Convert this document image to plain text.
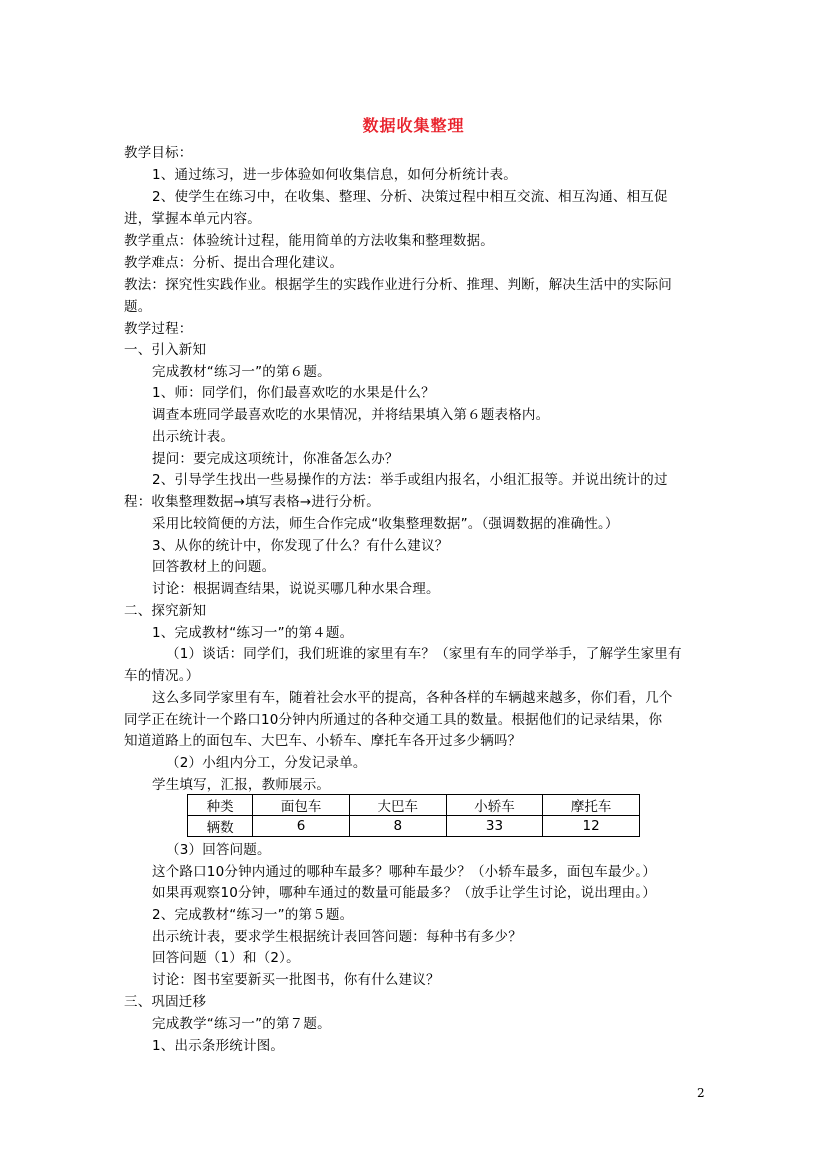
数据收集整理
教学目标：
1、通过练习，进一步体验如何收集信息，如何分析统计表。
2、使学生在练习中，在收集、整理、分析、决策过程中相互交流、相互沟通、相互促
进，掌握本单元内容。
教学重点：体验统计过程，能用简单的方法收集和整理数据。
教学难点：分析、提出合理化建议。
教法：探究性实践作业。根据学生的实践作业进行分析、推理、判断，解决生活中的实际问
题。
教学过程：
一、引入新知
完成教材“练习一”的第６题。
1、师：同学们，你们最喜欢吃的水果是什么？
调查本班同学最喜欢吃的水果情况，并将结果填入第６题表格内。
出示统计表。
提问：要完成这项统计，你准备怎么办？
2、引导学生找出一些易操作的方法：举手或组内报名，小组汇报等。并说出统计的过
程：收集整理数据→填写表格→进行分析。
采用比较简便的方法，师生合作完成“收集整理数据”。（强调数据的准确性。）
3、从你的统计中，你发现了什么？有什么建议？
回答教材上的问题。
讨论：根据调查结果，说说买哪几种水果合理。
二、探究新知
1、完成教材“练习一”的第４题。
（1）谈话：同学们，我们班谁的家里有车？（家里有车的同学举手，了解学生家里有
车的情况。）
这么多同学家里有车，随着社会水平的提高，各种各样的车辆越来越多，你们看，几个
同学正在统计一个路口10分钟内所通过的各种交通工具的数量。根据他们的记录结果，你
知道道路上的面包车、大巴车、小轿车、摩托车各开过多少辆吗？
（2）小组内分工，分发记录单。
学生填写，汇报，教师展示。
种类	面包车	大巴车	小轿车	摩托车
辆数	6	8	33	12
（3）回答问题。
这个路口10分钟内通过的哪种车最多？哪种车最少？（小轿车最多，面包车最少。）
如果再观察10分钟，哪种车通过的数量可能最多？（放手让学生讨论，说出理由。）
2、完成教材“练习一”的第５题。
出示统计表，要求学生根据统计表回答问题：每种书有多少？
回答问题（1）和（2）。
讨论：图书室要新买一批图书，你有什么建议？
三、巩固迁移
完成教学“练习一”的第７题。
1、出示条形统计图。
2
